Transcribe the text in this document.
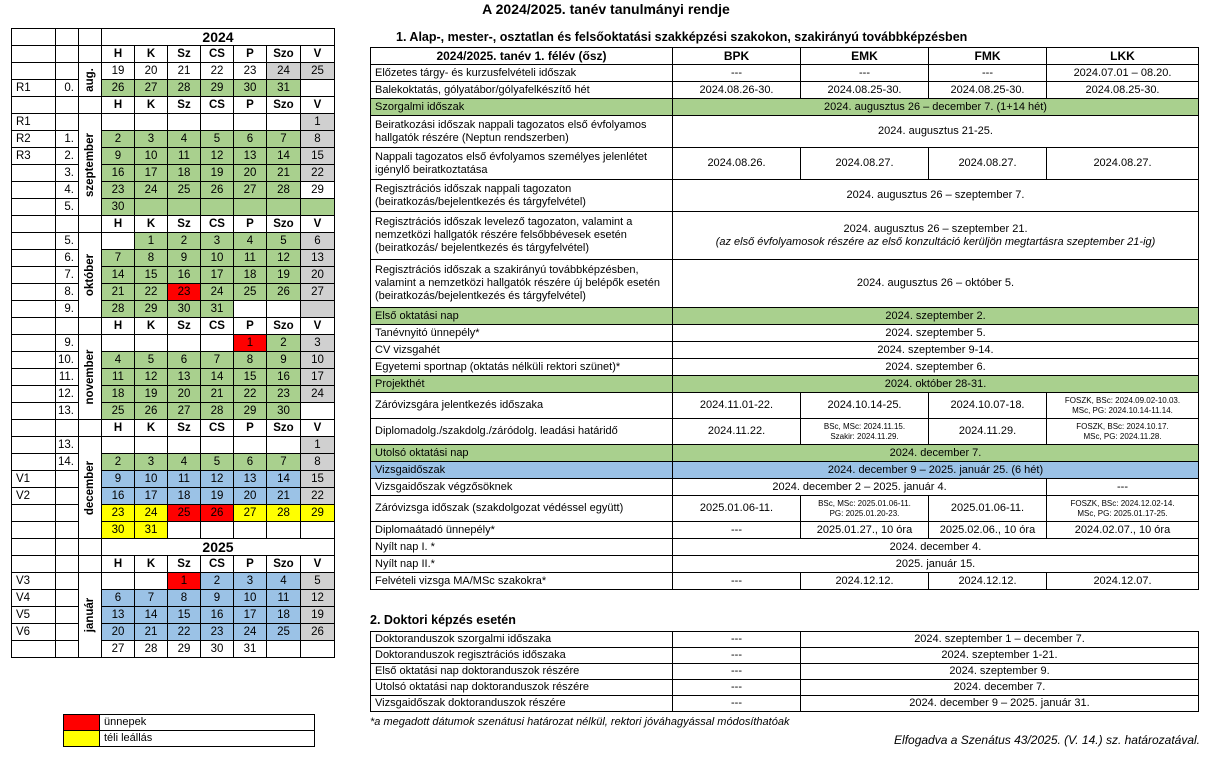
A 2024/2025. tanév tanulmányi rendje
			2024						
			H	K	Sz	CS	P	Szo	V

		aug.	19	20	21	22	23	24	25
R1	0.		26	27	28	29	30	31	
			H	K	Sz	CS	P	Szo	V
R1		szeptember							1
R2	1.		2	3	4	5	6	7	8
R3	2.		9	10	11	12	13	14	15
	3.		16	17	18	19	20	21	22
	4.		23	24	25	26	27	28	29
	5.		30						
			H	K	Sz	CS	P	Szo	V
	5.	október		1	2	3	4	5	6
	6.		7	8	9	10	11	12	13
	7.		14	15	16	17	18	19	20
	8.		21	22	23	24	25	26	27
	9.		28	29	30	31			
			H	K	Sz	CS	P	Szo	V
	9.	november					1	2	3
	10.		4	5	6	7	8	9	10
	11.		11	12	13	14	15	16	17
	12.		18	19	20	21	22	23	24
	13.		25	26	27	28	29	30	
			H	K	Sz	CS	P	Szo	V
	13.	december							1
	14.		2	3	4	5	6	7	8
V1			9	10	11	12	13	14	15
V2			16	17	18	19	20	21	22
			23	24	25	26	27	28	29
			30	31					
			2025						
			H	K	Sz	CS	P	Szo	V
V3		január			1	2	3	4	5
V4			6	7	8	9	10	11	12
V5			13	14	15	16	17	18	19
V6			20	21	22	23	24	25	26
			27	28	29	30	31		
	ünnepek
	téli leállás
1. Alap-, mester-, osztatlan és felsőoktatási szakképzési szakokon, szakirányú továbbképzésben
2024/2025. tanév 1. félév (ősz)	BPK	EMK	FMK	LKK
Előzetes tárgy- és kurzusfelvételi időszak	---	---	---	2024.07.01 – 08.20.
Balekoktatás, gólyatábor/gólyafelkészítő hét	2024.08.26-30.	2024.08.25-30.	2024.08.25-30.	2024.08.25-30.
Szorgalmi időszak	2024. augusztus 26 – december 7. (1+14 hét)			
Beiratkozási időszak nappali tagozatos első évfolyamos hallgatók részére (Neptun rendszerben)	2024. augusztus 21-25.			
Nappali tagozatos első évfolyamos személyes jelenlétet igénylő beiratkoztatása	2024.08.26.	2024.08.27.	2024.08.27.	2024.08.27.
Regisztrációs időszak nappali tagozaton (beiratkozás/bejelentkezés és tárgyfelvétel)	2024. augusztus 26 – szeptember 7.			
Regisztrációs időszak levelező tagozaton, valamint a nemzetközi hallgatók részére felsőbbévesek esetén (beiratkozás/ bejelentkezés és tárgyfelvétel)	2024. augusztus 26 – szeptember 21.
(az első évfolyamosok részére az első konzultáció kerüljön megtartásra szeptember 21-ig)			
Regisztrációs időszak a szakirányú továbbképzésben, valamint a nemzetközi hallgatók részére új belépők esetén (beiratkozás/bejelentkezés és tárgyfelvétel)	2024. augusztus 26 – október 5.			
Első oktatási nap	2024. szeptember 2.			
Tanévnyitó ünnepély*	2024. szeptember 5.			
CV vizsgahét	2024. szeptember 9-14.			
Egyetemi sportnap (oktatás nélküli rektori szünet)*	2024. szeptember 6.			
Projekthét	2024. október 28-31.			
Záróvizsgára jelentkezés időszaka	2024.11.01-22.	2024.10.14-25.	2024.10.07-18.	FOSZK, BSc: 2024.09.02-10.03.
MSc, PG: 2024.10.14-11.14.
Diplomadolg./szakdolg./záródolg. leadási határidő	2024.11.22.	BSc, MSc: 2024.11.15.
Szakir: 2024.11.29.	2024.11.29.	FOSZK, BSc: 2024.10.17.
MSc, PG: 2024.11.28.
Utolsó oktatási nap	2024. december 7.			
Vizsgaidőszak	2024. december 9 – 2025. január 25. (6 hét)			
Vizsgaidőszak végzősöknek	2024. december 2 – 2025. január 4.			---
Záróvizsga időszak (szakdolgozat védéssel együtt)	2025.01.06-11.	BSc, MSc: 2025.01.06-11.
PG: 2025.01.20-23.	2025.01.06-11.	FOSZK, BSc: 2024.12.02-14.
MSc, PG: 2025.01.17-25.
Diplomaátadó ünnepély*	---	2025.01.27., 10 óra	2025.02.06., 10 óra	2024.02.07., 10 óra
Nyílt nap I. *	2024. december 4.			
Nyílt nap II.*	2025. január 15.			
Felvételi vizsga MA/MSc szakokra*	---	2024.12.12.	2024.12.12.	2024.12.07.
2. Doktori képzés esetén
Doktoranduszok szorgalmi időszaka	---	2024. szeptember 1 – december 7.
Doktoranduszok regisztrációs időszaka	---	2024. szeptember 1-21.
Első oktatási nap doktoranduszok részére	---	2024. szeptember 9.
Utolsó oktatási nap doktoranduszok részére	---	2024. december 7.
Vizsgaidőszak doktoranduszok részére	---	2024. december 9 – 2025. január 31.
*a megadott dátumok szenátusi határozat nélkül, rektori jóváhagyással módosíthatóak
Elfogadva a Szenátus 43/2025. (V. 14.) sz. határozatával.
